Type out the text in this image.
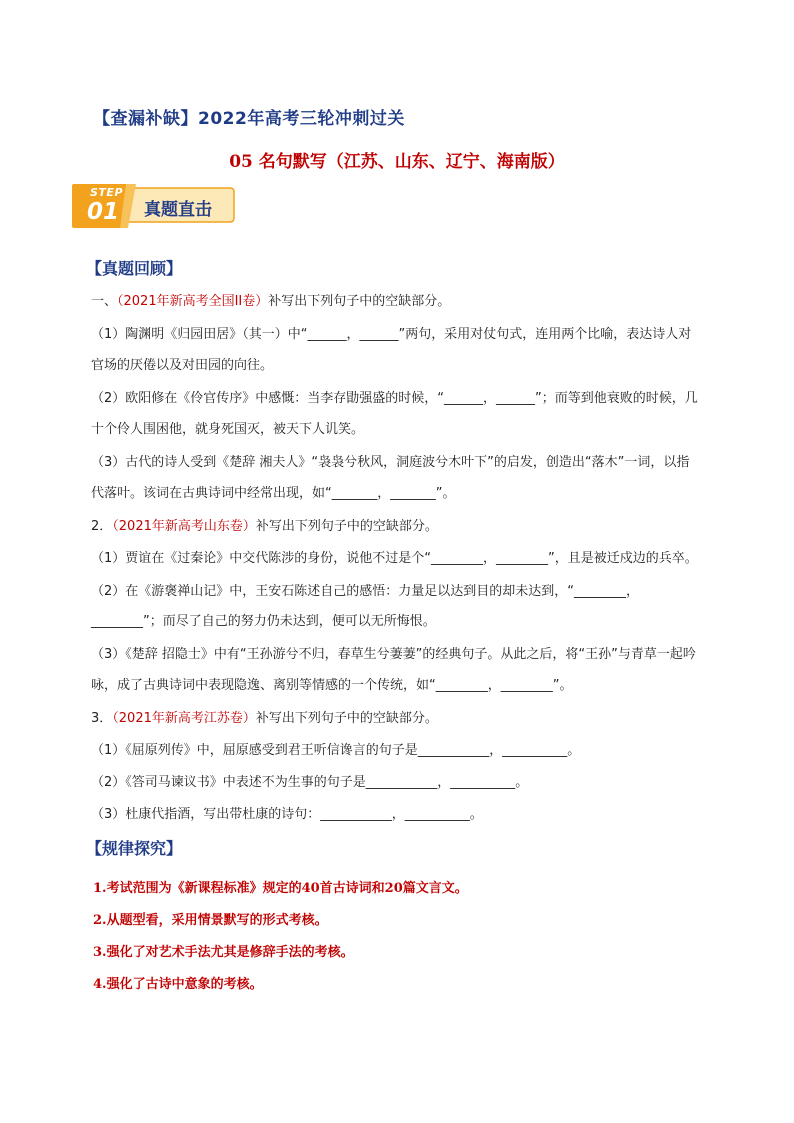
【查漏补缺】2022年高考三轮冲刺过关
05 名句默写（江苏、山东、辽宁、海南版）
STEP
01 真题直击
【真题回顾】
一、（2021年新高考全国II卷）补写出下列句子中的空缺部分。
（1）陶渊明《归园田居》（其一）中“______，______”两句，采用对仗句式，连用两个比喻，表达诗人对
官场的厌倦以及对田园的向往。
（2）欧阳修在《伶官传序》中感慨：当李存勖强盛的时候，“______，______”；而等到他衰败的时候，几
十个伶人围困他，就身死国灭，被天下人讥笑。
（3）古代的诗人受到《楚辞 湘夫人》“袅袅兮秋风，洞庭波兮木叶下”的启发，创造出“落木”一词，以指
代落叶。该词在古典诗词中经常出现，如“_______，_______”。
2．（2021年新高考山东卷）补写出下列句子中的空缺部分。
（1）贾谊在《过秦论》中交代陈涉的身份，说他不过是个“________，________”，且是被迁戍边的兵卒。
（2）在《游褒禅山记》中，王安石陈述自己的感悟：力量足以达到目的却未达到，“________，
________”；而尽了自己的努力仍未达到，便可以无所悔恨。
（3）《楚辞 招隐士》中有“王孙游兮不归，春草生兮萋萋”的经典句子。从此之后，将“王孙”与青草一起吟
咏，成了古典诗词中表现隐逸、离别等情感的一个传统，如“________，________”。
3．（2021年新高考江苏卷）补写出下列句子中的空缺部分。
（1）《屈原列传》中，屈原感受到君王听信谗言的句子是___________，__________。
（2）《答司马谏议书》中表述不为生事的句子是___________，__________。
（3）杜康代指酒，写出带杜康的诗句：___________，__________。
【规律探究】
1.考试范围为《新课程标准》规定的40首古诗词和20篇文言文。
2.从题型看，采用情景默写的形式考核。
3.强化了对艺术手法尤其是修辞手法的考核。
4.强化了古诗中意象的考核。
